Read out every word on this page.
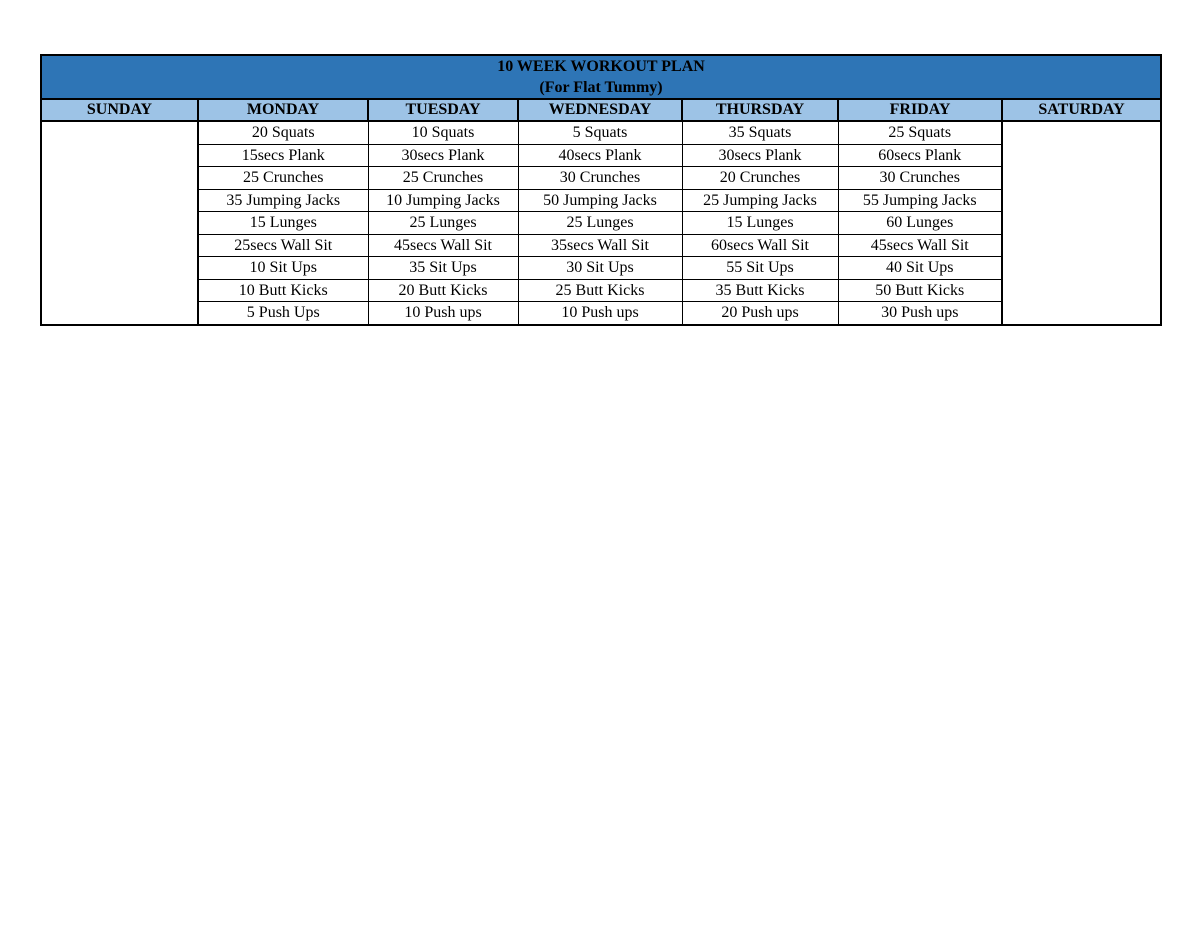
10 WEEK WORKOUT PLAN
(For Flat Tummy)						

SUNDAY	MONDAY	TUESDAY	WEDNESDAY	THURSDAY	FRIDAY	SATURDAY
	20 Squats	10 Squats	5 Squats	35 Squats	25 Squats	
	15secs Plank	30secs Plank	40secs Plank	30secs Plank	60secs Plank	
	25 Crunches	25 Crunches	30 Crunches	20 Crunches	30 Crunches	
	35 Jumping Jacks	10 Jumping Jacks	50 Jumping Jacks	25 Jumping Jacks	55 Jumping Jacks	
	15 Lunges	25 Lunges	25 Lunges	15 Lunges	60 Lunges	
	25secs Wall Sit	45secs Wall Sit	35secs Wall Sit	60secs Wall Sit	45secs Wall Sit	
	10 Sit Ups	35 Sit Ups	30 Sit Ups	55 Sit Ups	40 Sit Ups	
	10 Butt Kicks	20 Butt Kicks	25 Butt Kicks	35 Butt Kicks	50 Butt Kicks	
	5 Push Ups	10 Push ups	10 Push ups	20 Push ups	30 Push ups	
